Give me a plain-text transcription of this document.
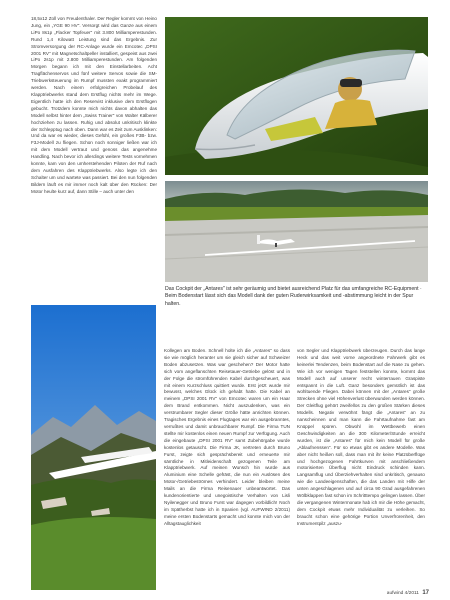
18,5x12 Zoll von Freudenthaler. Der Regler kommt von Heino Jung, ein „YGE 90 HV". Versorgt wird das Ganze aus einem LiPo 8s1p „Flacker Topfeuer" mit 3.800 Milliamperestunden. Rund 1,4 Kilowatt Leistung sind das Ergebnis. Zur Stromversorgung der RC-Anlage wurde ein Emcotec „DPSI 2001 RV" mit Magnetschaltpeller installiert, gespeist aus zwei LiPo 2s1p mit 2.800 Milliamperestunden. Am folgenden Morgen begann ich mit den Einstellarbeiten. Acht Tragflächenservos und fünf weitere Servos sowie die SM-Triebwerksteuerung im Rumpf mussten exakt programmiert werden. Nach einem erfolgreichen Probelauf des Klapptriebwerks stand dem Erstflug nichts mehr im Wege. Eigentlich hatte ich den Reservist inklusive dem Erstflogen gebucht. Trotzdem konnte mich nichts davon abhalten das Modell selbst hinter dem „Swiss Trainer" von Walter Kälberer hochziehen zu lassen. Ruhig und absolut unkritisch klinkte der Schlepptug nach oben. Dann war es Zeit zum Ausklinken: Und da war es wieder, dieses Gefühl, ein großes F3B- bzw. F3J-Modell zu fliegen. Schon noch sonniger ließen war ich mit dem Modell vertraut und genoss das angenehme Handling. Nach bevor ich allerdings weitere Tests vornehmen konnte, kam von den umherstehenden Piloten der Ruf nach dem Ausfahren des Klapptriebwerks. Also legte ich den Schalter um und wartete was passiert. Bei den nun folgenden Bildern läuft es mir immer noch kalt über den Rücken: Der Motor heulte kurz auf, dann Stille – auch unter den

Das Cockpit der „Antares" ist sehr geräumig und bietet ausreichend Platz für das umfangreiche RC-Equipment · Beim Bodenstart lässt sich das Modell dank der guten Ruderwirksamkeit und -abstimmung leicht in der Spur halten.

Kollegen am Boden. Schnell holte ich die „Antares" so dass sie wie möglich heranter um sie gleich sicher auf Schweizer Boden abzusetzen. Was war geschehen? Der Motor hatte sich vom angeflanschten Reisetauer-Getriebe gelöst und in der Folge die stromführenden Kabel durchgescheuert, was mit einem Kurzschluss quittiert wurde. Erst jetzt wurde mir bewusst, welches Glück ich gehabt hatte. Die Kabel an meinem „DPSI 2001 RV" von Emcotec waren um ein Haar dem Brand entkommen. Nicht auszudenken, was ein verstrumbarer Segler dieser Größe hätte anrichten können. Tragisches Ergebnis eines Flugtages war ein ausgebranntes, verrußtes und damit unbrauchbarer Rumpf. Die Firma TUN stellte mir kostenlos einen neuen Rumpf zur Verfügung. Auch die eingebaute „DPSI 2001 RV" samt Zubehörgabe wurde kostenlos getauscht. Die Firma JK, vertreten durch Bruno Furst, zeigte sich gesprächsbereit und erneuerte mir sämtliche in Mitleidenschaft gezogenen Teile am Klapptriebwerk. Auf meinen Wunsch hin wurde aus Aluminium eine Schelle gefräst, die nun ein Auslösen des Motor-/Getriebeströmes verhindert. Leider bleiben meine Mails an die Firma Reisenauer unbeantwortet. Das kundenorientierte und unegoistische Verhalten von Lisli Nyilenegger und Bruno Furst war dagegen vorbildlich! Noch im Spätherbst hatte ich in Spanien (vgl. AUFWIND 2/2011) meine ersten Bodenstarts gemacht und konnte mich von der Alltagstauglichkeit

von Segler und Klapptriebwerk überzeugen. Durch das lange Heck und das weit vorne angeordnete Fahrwerk gibt es keinerlei Tendenzen, beim Bodenstart auf die Nase zu gehen. Wie ich vor wenigen Tagen feststellen konnte, kommt das Modell auch auf unserer recht winterrauen Graspiste entspannt in die Luft. Ganz besonders gemütlich ist das wohltuende Fliegen. Dabei können mit der „Antares" große Strecken ohne viel Höhenverlust überwunden werden können. Der Gleitflug gehört zweifellos zu den großen Stärken dieses Modells. Negativ verwöhnt fängt die „Antares" an zu nanscheinnen und man kann die Fahrtaufnahme fast am Knüppel spüren. Obwohl im Wettbewerb einen Geschwindigkeiten an die 300 Kilometer/Stunde erreicht wurden, ist die „Antares" für mich kein Modell für große „Ablaufnenssen". Für so etwas gibt es andere Modelle. Was aber nicht heißen soll, dass man mit ihr keine Platzüberflüge und hochgezogenen Fahrtkurven mit anschließendem motorisierten Überflug nicht Eindruck schinden kann. Langsamflug und Überziehverhalten sind unkritisch, genauso wie die Landeeigenschaften, die das Landen mit Hilfe der unten angeschlagenen und auf circa 90 Grad ausgefahrenen Wölbklappen fast schon im Schritttempo gelingen lassen. Über die vergangenen Wintermonate hab ich mir die Höhe gemacht, dem Cockpit etwas mehr Individualität zu verleihen. So braucht schon eine gehörige Portion Unverfrorenheit, den Instrumentpilz „auszu-

aufwind 4/2011 17
